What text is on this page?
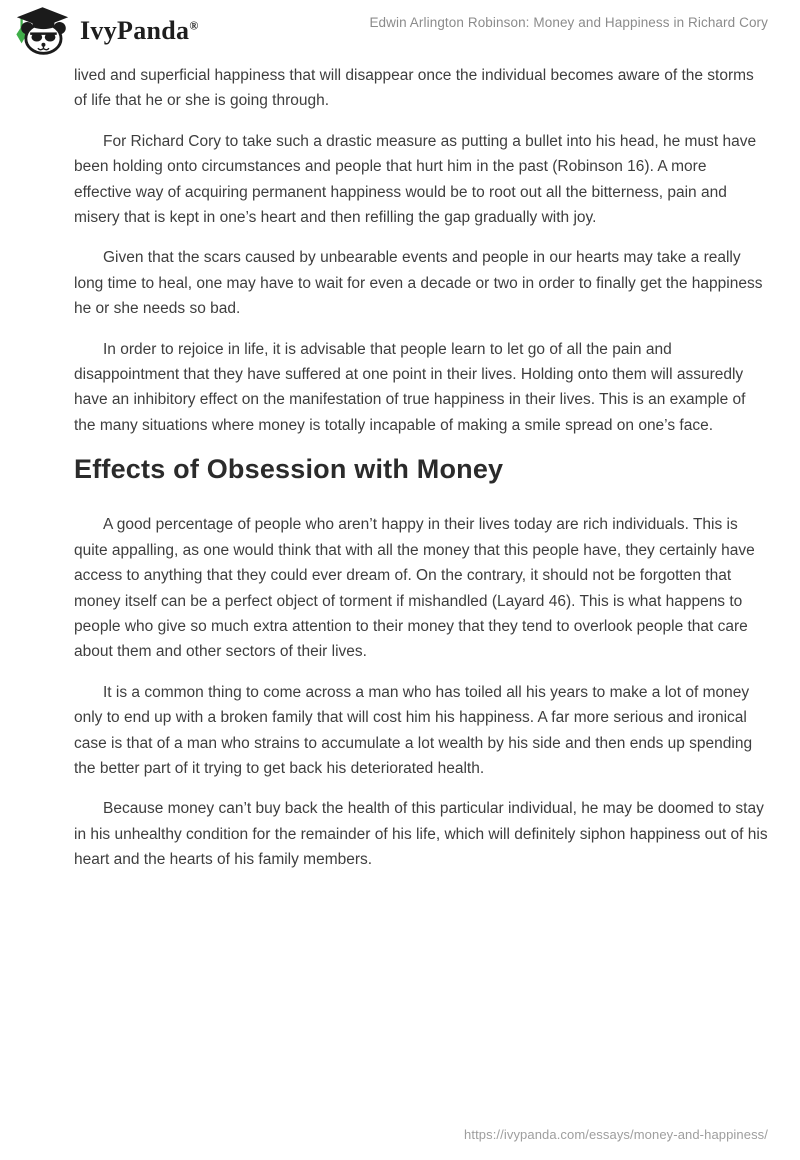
IvyPanda®	Edwin Arlington Robinson: Money and Happiness in Richard Cory

lived and superficial happiness that will disappear once the individual becomes aware of the storms of life that he or she is going through.

For Richard Cory to take such a drastic measure as putting a bullet into his head, he must have been holding onto circumstances and people that hurt him in the past (Robinson 16). A more effective way of acquiring permanent happiness would be to root out all the bitterness, pain and misery that is kept in one’s heart and then refilling the gap gradually with joy.

Given that the scars caused by unbearable events and people in our hearts may take a really long time to heal, one may have to wait for even a decade or two in order to finally get the happiness he or she needs so bad.

In order to rejoice in life, it is advisable that people learn to let go of all the pain and disappointment that they have suffered at one point in their lives. Holding onto them will assuredly have an inhibitory effect on the manifestation of true happiness in their lives. This is an example of the many situations where money is totally incapable of making a smile spread on one’s face.

Effects of Obsession with Money

A good percentage of people who aren’t happy in their lives today are rich individuals. This is quite appalling, as one would think that with all the money that this people have, they certainly have access to anything that they could ever dream of. On the contrary, it should not be forgotten that money itself can be a perfect object of torment if mishandled (Layard 46). This is what happens to people who give so much extra attention to their money that they tend to overlook people that care about them and other sectors of their lives.

It is a common thing to come across a man who has toiled all his years to make a lot of money only to end up with a broken family that will cost him his happiness. A far more serious and ironical case is that of a man who strains to accumulate a lot wealth by his side and then ends up spending the better part of it trying to get back his deteriorated health.

Because money can’t buy back the health of this particular individual, he may be doomed to stay in his unhealthy condition for the remainder of his life, which will definitely siphon happiness out of his heart and the hearts of his family members.

https://ivypanda.com/essays/money-and-happiness/
